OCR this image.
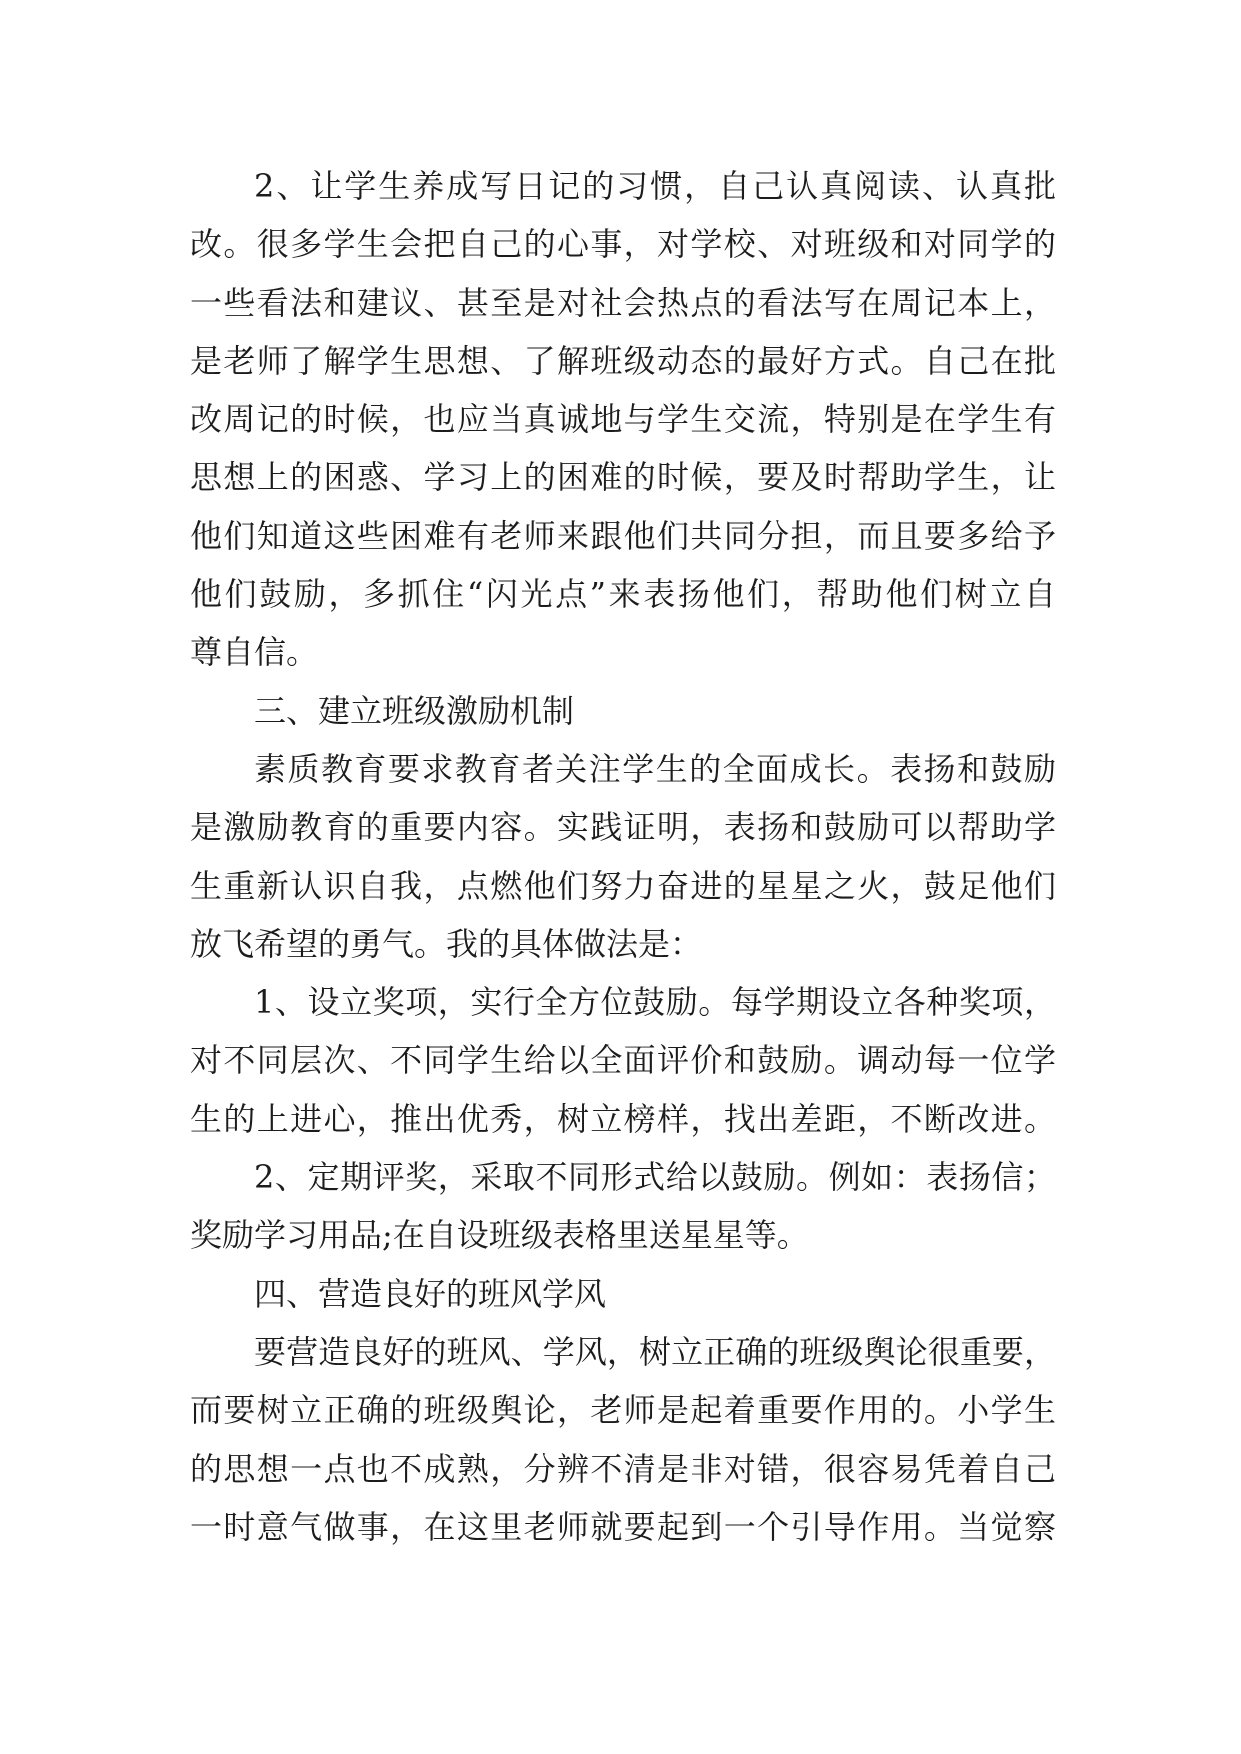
2、让学生养成写日记的习惯，自己认真阅读、认真批
改。很多学生会把自己的心事，对学校、对班级和对同学的
一些看法和建议、甚至是对社会热点的看法写在周记本上，
是老师了解学生思想、了解班级动态的最好方式。自己在批
改周记的时候，也应当真诚地与学生交流，特别是在学生有
思想上的困惑、学习上的困难的时候，要及时帮助学生，让
他们知道这些困难有老师来跟他们共同分担，而且要多给予
他们鼓励，多抓住“闪光点”来表扬他们，帮助他们树立自
尊自信。
三、建立班级激励机制
素质教育要求教育者关注学生的全面成长。表扬和鼓励
是激励教育的重要内容。实践证明，表扬和鼓励可以帮助学
生重新认识自我，点燃他们努力奋进的星星之火，鼓足他们
放飞希望的勇气。我的具体做法是：
1、设立奖项，实行全方位鼓励。每学期设立各种奖项，
对不同层次、不同学生给以全面评价和鼓励。调动每一位学
生的上进心，推出优秀，树立榜样，找出差距，不断改进。
2、定期评奖，采取不同形式给以鼓励。例如：表扬信；
奖励学习用品;在自设班级表格里送星星等。
四、营造良好的班风学风
要营造良好的班风、学风，树立正确的班级舆论很重要，
而要树立正确的班级舆论，老师是起着重要作用的。小学生
的思想一点也不成熟，分辨不清是非对错，很容易凭着自己
一时意气做事，在这里老师就要起到一个引导作用。当觉察
